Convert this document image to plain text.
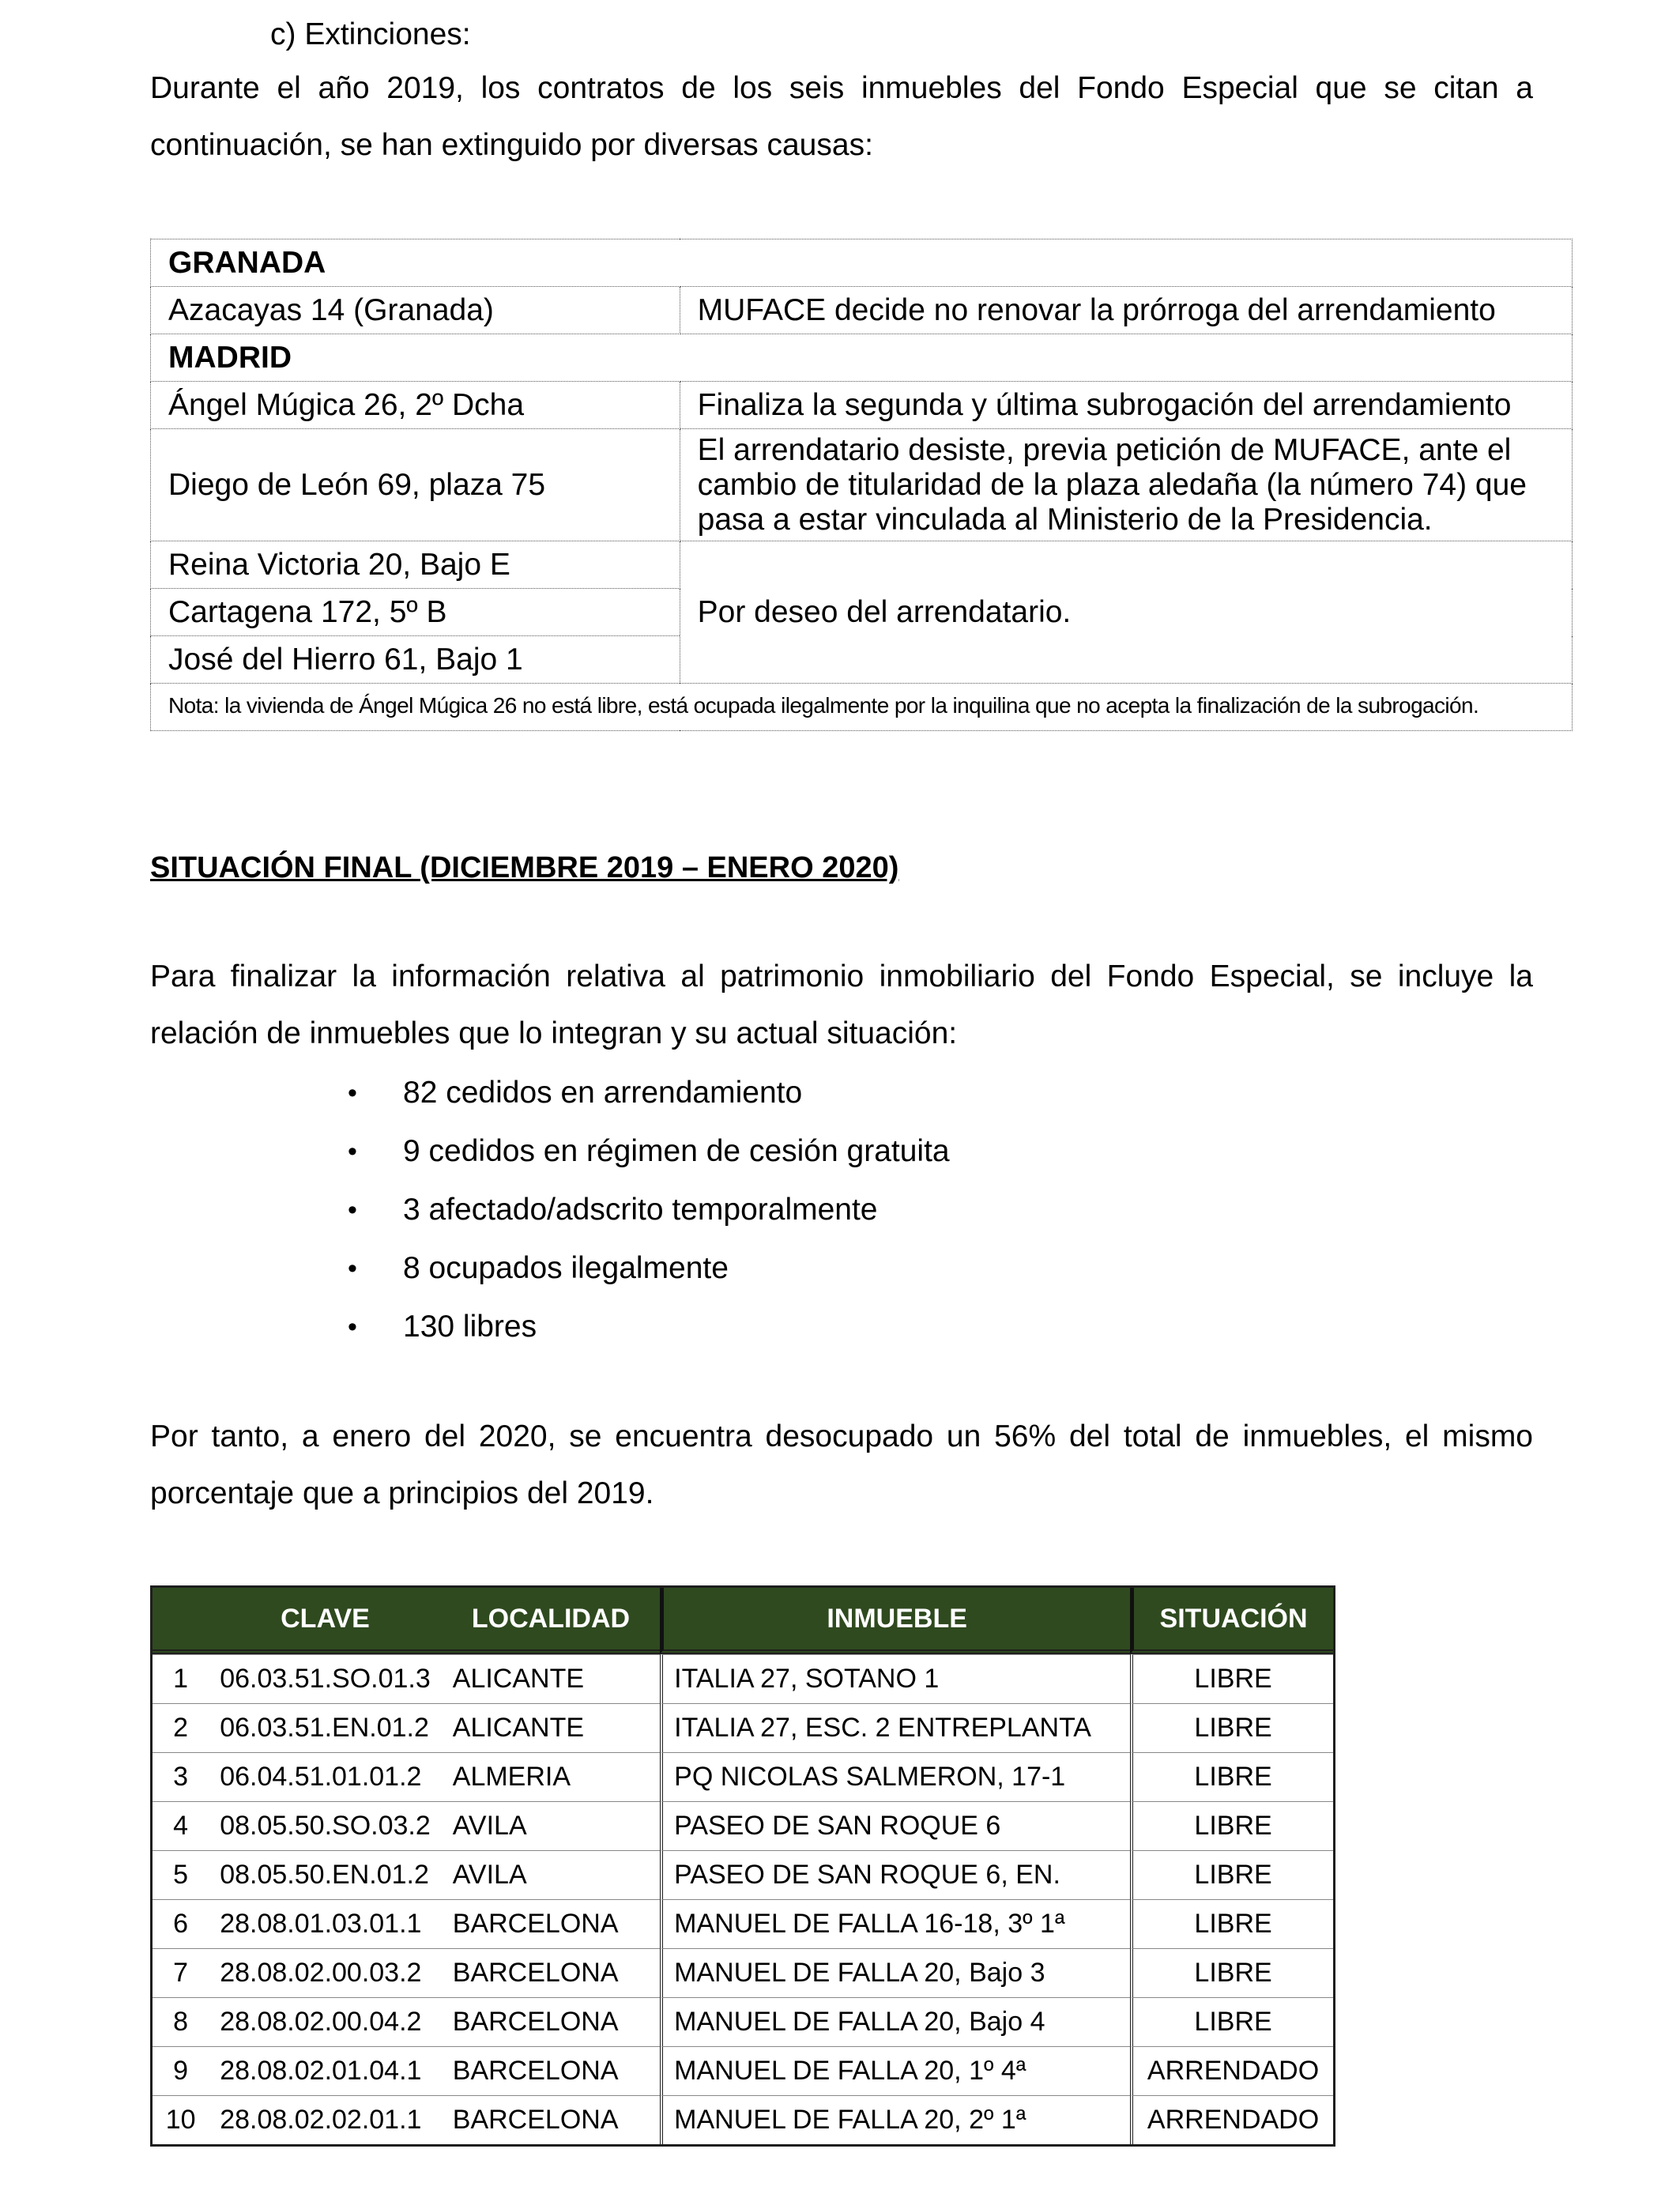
c) Extinciones:
Durante el año 2019, los contratos de los seis inmuebles del Fondo Especial que se citan a continuación, se han extinguido por diversas causas:
GRANADA	
Azacayas 14 (Granada)	MUFACE decide no renovar la prórroga del arrendamiento
MADRID	
Ángel Múgica 26, 2º Dcha	Finaliza la segunda y última subrogación del arrendamiento
Diego de León 69, plaza 75	El arrendatario desiste, previa petición de MUFACE, ante el cambio de titularidad de la plaza aledaña (la número 74) que pasa a estar vinculada al Ministerio de la Presidencia.
Reina Victoria 20, Bajo E	Por deseo del arrendatario.
Cartagena 172, 5º B	
José del Hierro 61, Bajo 1	
Nota: la vivienda de Ángel Múgica 26 no está libre, está ocupada ilegalmente por la inquilina que no acepta la finalización de la subrogación.	
SITUACIÓN FINAL (DICIEMBRE 2019 – ENERO 2020)
Para finalizar la información relativa al patrimonio inmobiliario del Fondo Especial, se incluye la relación de inmuebles que lo integran y su actual situación:
• 82 cedidos en arrendamiento
• 9 cedidos en régimen de cesión gratuita
• 3 afectado/adscrito temporalmente
• 8 ocupados ilegalmente
• 130 libres
Por tanto, a enero del 2020, se encuentra desocupado un 56% del total de inmuebles, el mismo porcentaje que a principios del 2019.
	CLAVE	LOCALIDAD	INMUEBLE	SITUACIÓN
1	06.03.51.SO.01.3	ALICANTE	ITALIA 27, SOTANO 1	LIBRE
2	06.03.51.EN.01.2	ALICANTE	ITALIA 27, ESC. 2 ENTREPLANTA	LIBRE
3	06.04.51.01.01.2	ALMERIA	PQ NICOLAS SALMERON, 17-1	LIBRE
4	08.05.50.SO.03.2	AVILA	PASEO DE SAN ROQUE 6	LIBRE
5	08.05.50.EN.01.2	AVILA	PASEO DE SAN ROQUE 6, EN.	LIBRE
6	28.08.01.03.01.1	BARCELONA	MANUEL DE FALLA 16-18, 3º 1ª	LIBRE
7	28.08.02.00.03.2	BARCELONA	MANUEL DE FALLA 20, Bajo 3	LIBRE
8	28.08.02.00.04.2	BARCELONA	MANUEL DE FALLA 20, Bajo 4	LIBRE
9	28.08.02.01.04.1	BARCELONA	MANUEL DE FALLA 20, 1º 4ª	ARRENDADO
10	28.08.02.02.01.1	BARCELONA	MANUEL DE FALLA 20, 2º 1ª	ARRENDADO
